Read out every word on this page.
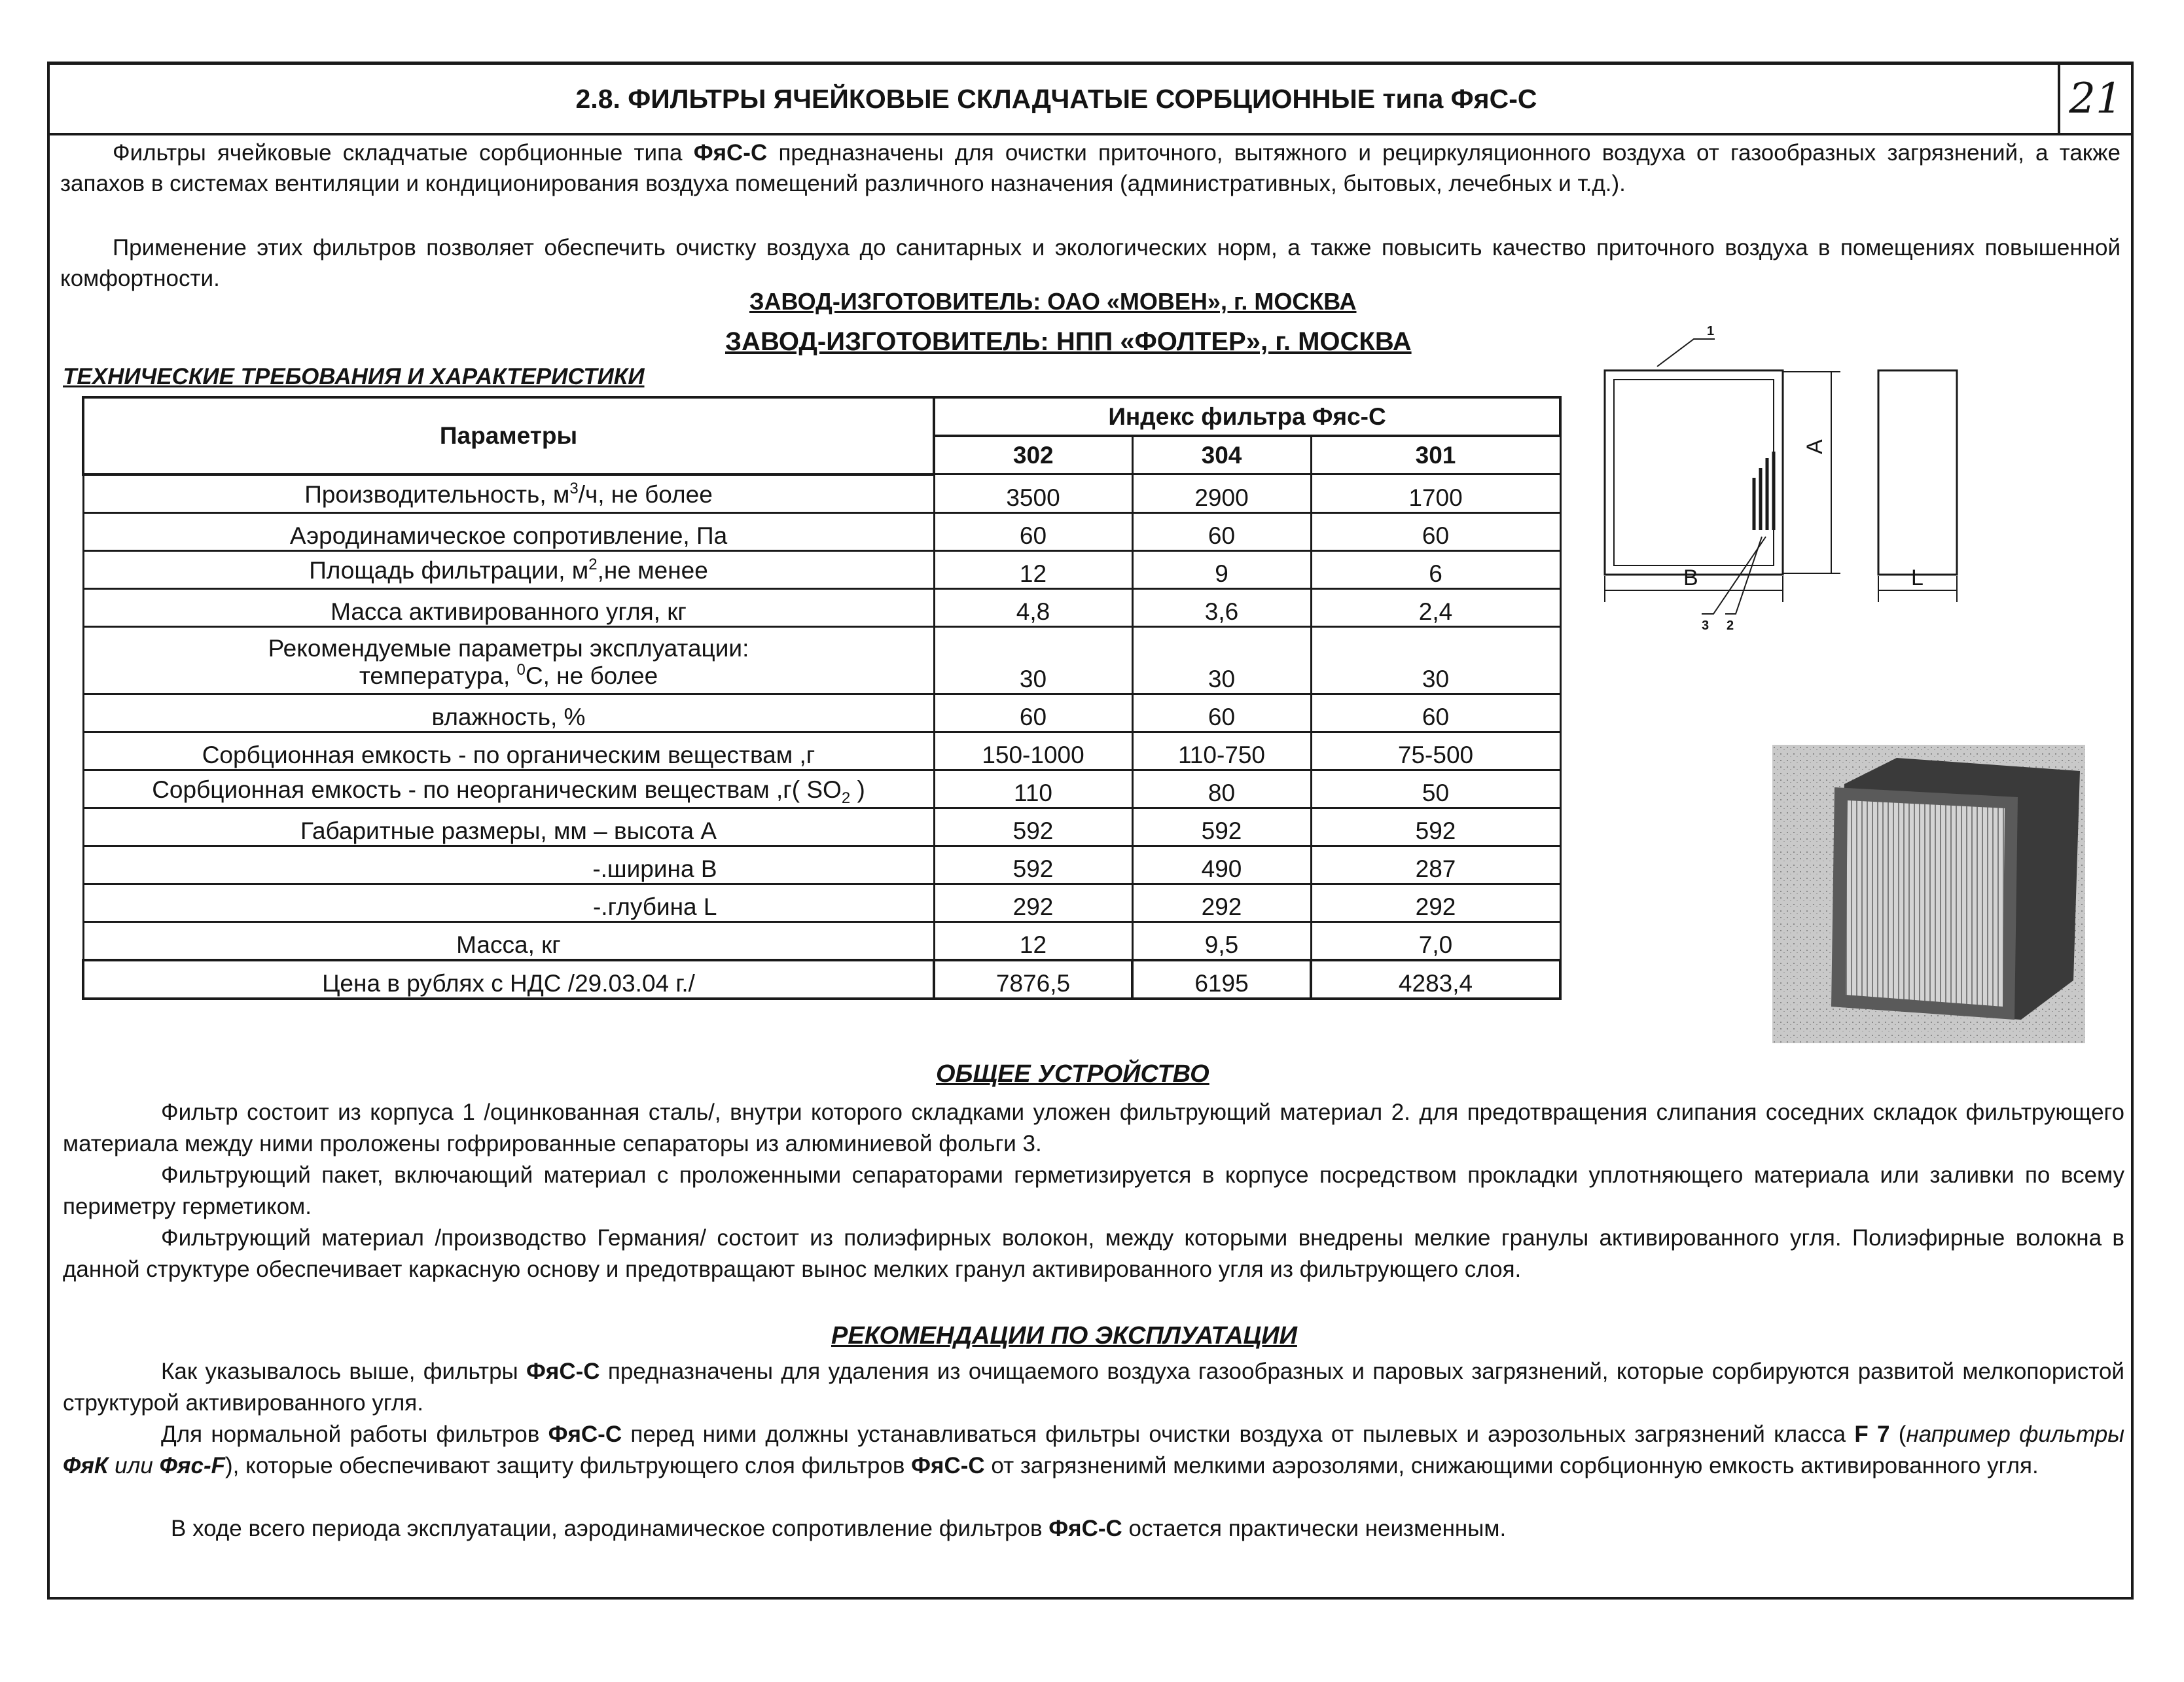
2.8. ФИЛЬТРЫ ЯЧЕЙКОВЫЕ СКЛАДЧАТЫЕ СОРБЦИОННЫЕ типа ФяС-С	21
Фильтры ячейковые складчатые сорбционные типа ФяС-С предназначены для очистки приточного, вытяжного и рециркуляционного воздуха от газообразных загрязнений, а также запахов в системах вентиляции и кондиционирования воздуха помещений различного назначения (административных, бытовых, лечебных и т.д.).
Применение этих фильтров позволяет обеспечить очистку воздуха до санитарных и экологических норм, а также повысить качество приточного воздуха в помещениях повышенной комфортности.
ЗАВОД-ИЗГОТОВИТЕЛЬ: ОАО «МОВЕН», г. МОСКВА
ЗАВОД-ИЗГОТОВИТЕЛЬ: НПП «ФОЛТЕР», г. МОСКВА
ТЕХНИЧЕСКИЕ ТРЕБОВАНИЯ И ХАРАКТЕРИСТИКИ
Параметры	Индекс фильтра Фяс-С		
	302	304	301
Производительность, $м^3/ч$, не более	3500	2900	1700
Аэродинамическое сопротивление, Па	60	60	60
Площадь фильтрации, $м^2,не$ менее	12	9	6
Масса активированного угля, кг	4,8	3,6	2,4

Рекомендуемые параметры эксплуатации:
температура, $^0$С, не более	30	30	30
влажность, %	60	60	60
Сорбционная емкость - по органическим веществам ,г	150-1000	110-750	75-500
Сорбционная емкость - по неорганическим веществам ,г( $SO_2$ )	110	80	50
Габаритные размеры, мм – высота А	592	592	592
-.ширина В	592	490	287
-.глубина L	292	292	292
Масса, кг	12	9,5	7,0
Цена в рублях с НДС /29.03.04 г./	7876,5	6195	4283,4
1
2
3
А
В	L
ОБЩЕЕ УСТРОЙСТВО
Фильтр состоит из корпуса 1 /оцинкованная сталь/, внутри которого складками уложен фильтрующий материал 2. для предотвращения слипания соседних складок фильтрующего материала между ними проложены гофрированные сепараторы из алюминиевой фольги 3.
Фильтрующий пакет, включающий материал с проложенными сепараторами герметизируется в корпусе посредством прокладки уплотняющего материала или заливки по всему периметру герметиком.
Фильтрующий материал /производство Германия/ состоит из полиэфирных волокон, между которыми внедрены мелкие гранулы активированного угля. Полиэфирные волокна в данной структуре обеспечивает каркасную основу и предотвращают вынос мелких гранул активированного угля из фильтрующего слоя.
РЕКОМЕНДАЦИИ ПО ЭКСПЛУАТАЦИИ
Как указывалось выше, фильтры ФяС-С предназначены для удаления из очищаемого воздуха газообразных и паровых загрязнений, которые сорбируются развитой мелкопористой структурой активированного угля.
Для нормальной работы фильтров ФяС-С перед ними должны устанавливаться фильтры очистки воздуха от пылевых и аэрозольных загрязнений класса F 7 (например фильтры ФяК или Фяс-F), которые обеспечивают защиту фильтрующего слоя фильтров ФяС-С от загрязненимй мелкими аэрозолями, снижающими сорбционную емкость активированного угля.
В ходе всего периода эксплуатации, аэродинамическое сопротивление фильтров ФяС-С остается практически неизменным.
